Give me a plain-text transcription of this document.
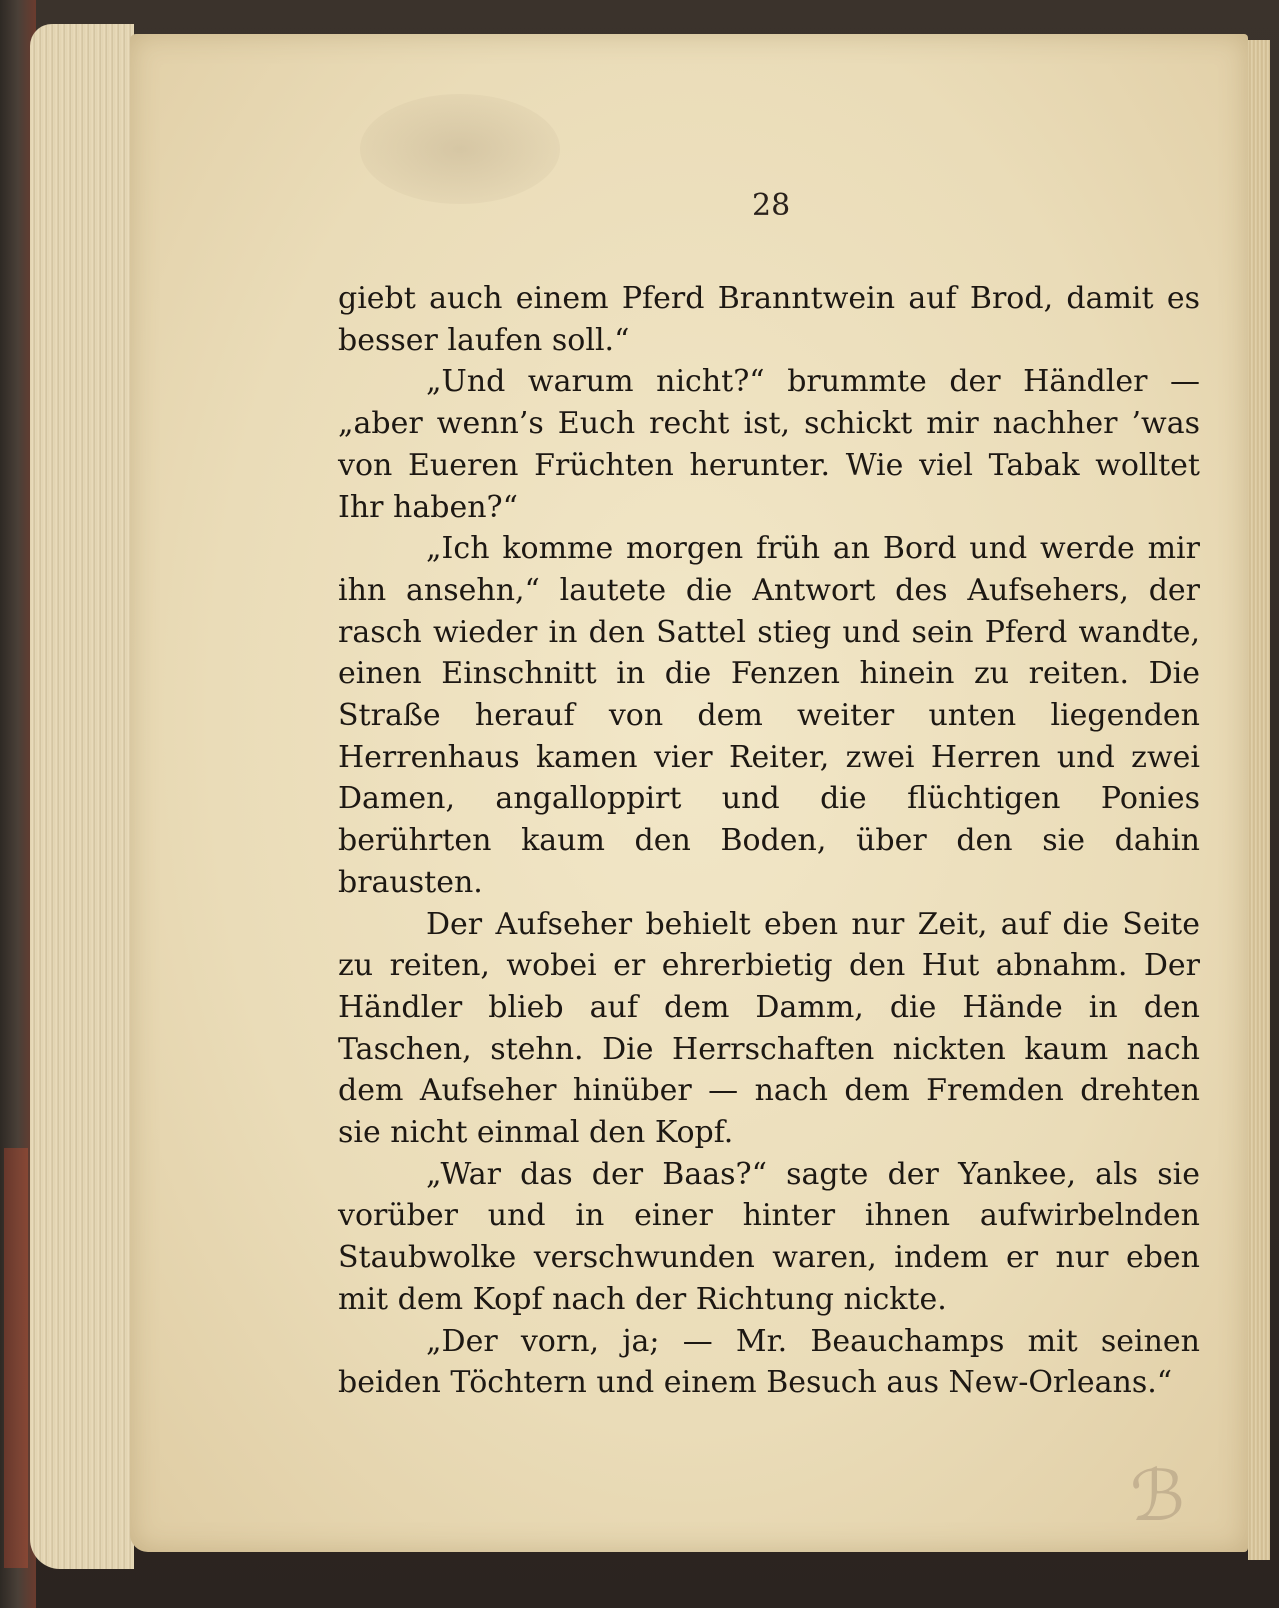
28

giebt auch einem Pferd Branntwein auf Brod, damit es besser laufen soll.“

„Und warum nicht?“ brummte der Händler — „aber wenn’s Euch recht ist, schickt mir nachher ’was von Eueren Früchten herunter. Wie viel Tabak wolltet Ihr haben?“

„Ich komme morgen früh an Bord und werde mir ihn ansehn,“ lautete die Antwort des Aufsehers, der rasch wieder in den Sattel stieg und sein Pferd wandte, einen Einschnitt in die Fenzen hinein zu reiten. Die Straße herauf von dem weiter unten liegenden Herrenhaus kamen vier Reiter, zwei Herren und zwei Damen, angalloppirt und die flüchtigen Ponies berührten kaum den Boden, über den sie dahin brausten.

Der Aufseher behielt eben nur Zeit, auf die Seite zu reiten, wobei er ehrerbietig den Hut abnahm. Der Händler blieb auf dem Damm, die Hände in den Taschen, stehn. Die Herrschaften nickten kaum nach dem Aufseher hinüber — nach dem Fremden drehten sie nicht einmal den Kopf.

„War das der Baas?“ sagte der Yankee, als sie vorüber und in einer hinter ihnen aufwirbelnden Staubwolke verschwunden waren, indem er nur eben mit dem Kopf nach der Richtung nickte.

„Der vorn, ja; — Mr. Beauchamps mit seinen beiden Töchtern und einem Besuch aus New-Orleans.“

ℬ
